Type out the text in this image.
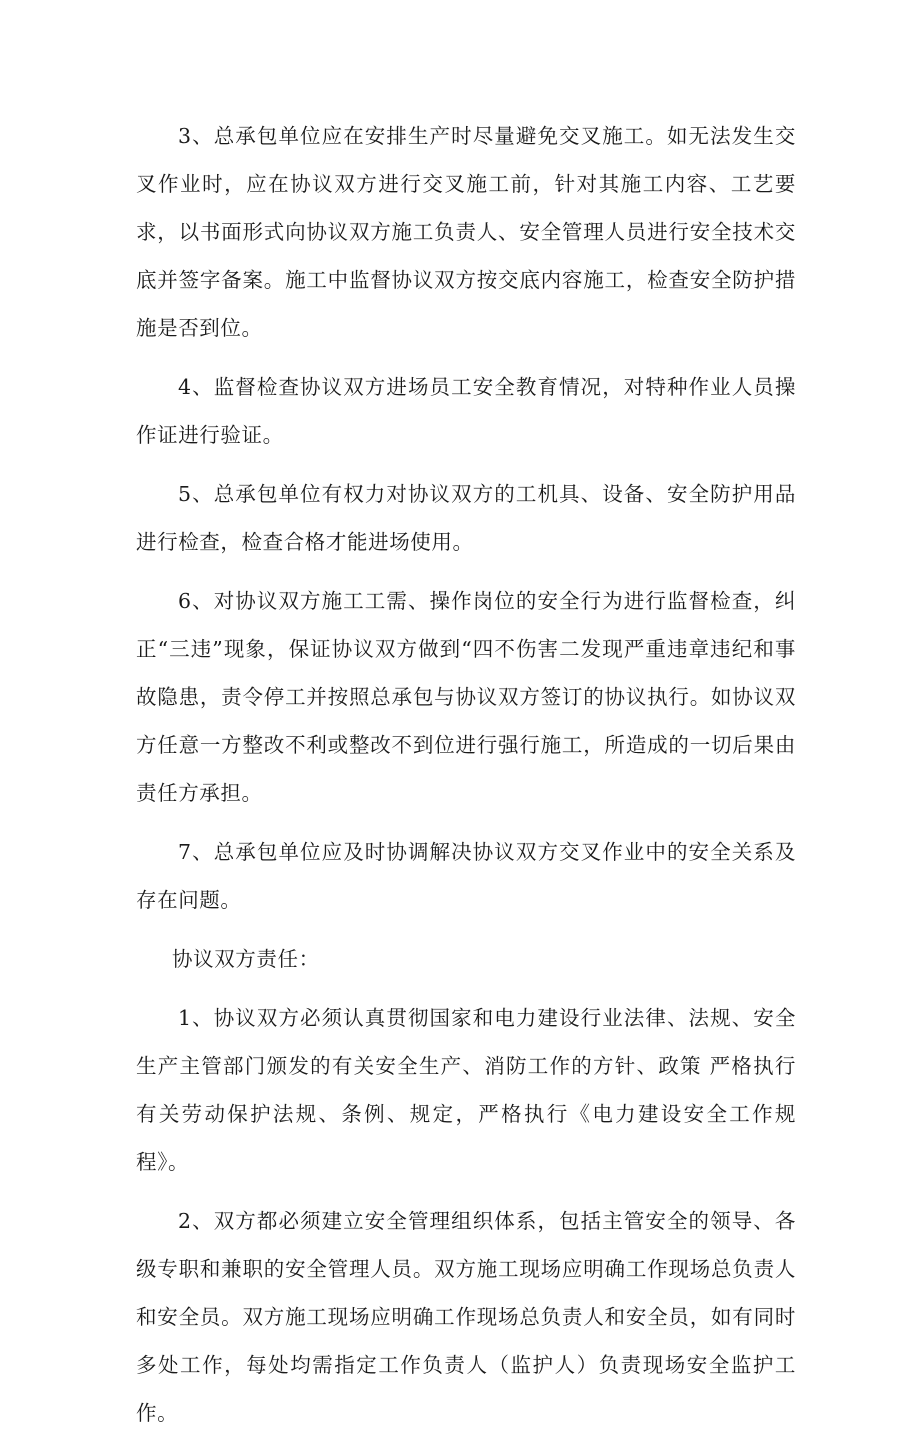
3、总承包单位应在安排生产时尽量避免交叉施工。如无法发生交叉作业时，应在协议双方进行交叉施工前，针对其施工内容、工艺要求，以书面形式向协议双方施工负责人、安全管理人员进行安全技术交底并签字备案。施工中监督协议双方按交底内容施工，检查安全防护措施是否到位。

4、监督检查协议双方进场员工安全教育情况，对特种作业人员操作证进行验证。

5、总承包单位有权力对协议双方的工机具、设备、安全防护用品进行检查，检查合格才能进场使用。

6、对协议双方施工工需、操作岗位的安全行为进行监督检查，纠正“三违”现象，保证协议双方做到“四不伤害二发现严重违章违纪和事故隐患，责令停工并按照总承包与协议双方签订的协议执行。如协议双方任意一方整改不利或整改不到位进行强行施工，所造成的一切后果由责任方承担。

7、总承包单位应及时协调解决协议双方交叉作业中的安全关系及存在问题。

协议双方责任：

1、协议双方必须认真贯彻国家和电力建设行业法律、法规、安全生产主管部门颁发的有关安全生产、消防工作的方针、政策 严格执行有关劳动保护法规、条例、规定，严格执行《电力建设安全工作规程》。

2、双方都必须建立安全管理组织体系，包括主管安全的领导、各级专职和兼职的安全管理人员。双方施工现场应明确工作现场总负责人和安全员。双方施工现场应明确工作现场总负责人和安全员，如有同时多处工作，每处均需指定工作负责人（监护人）负责现场安全监护工作。
